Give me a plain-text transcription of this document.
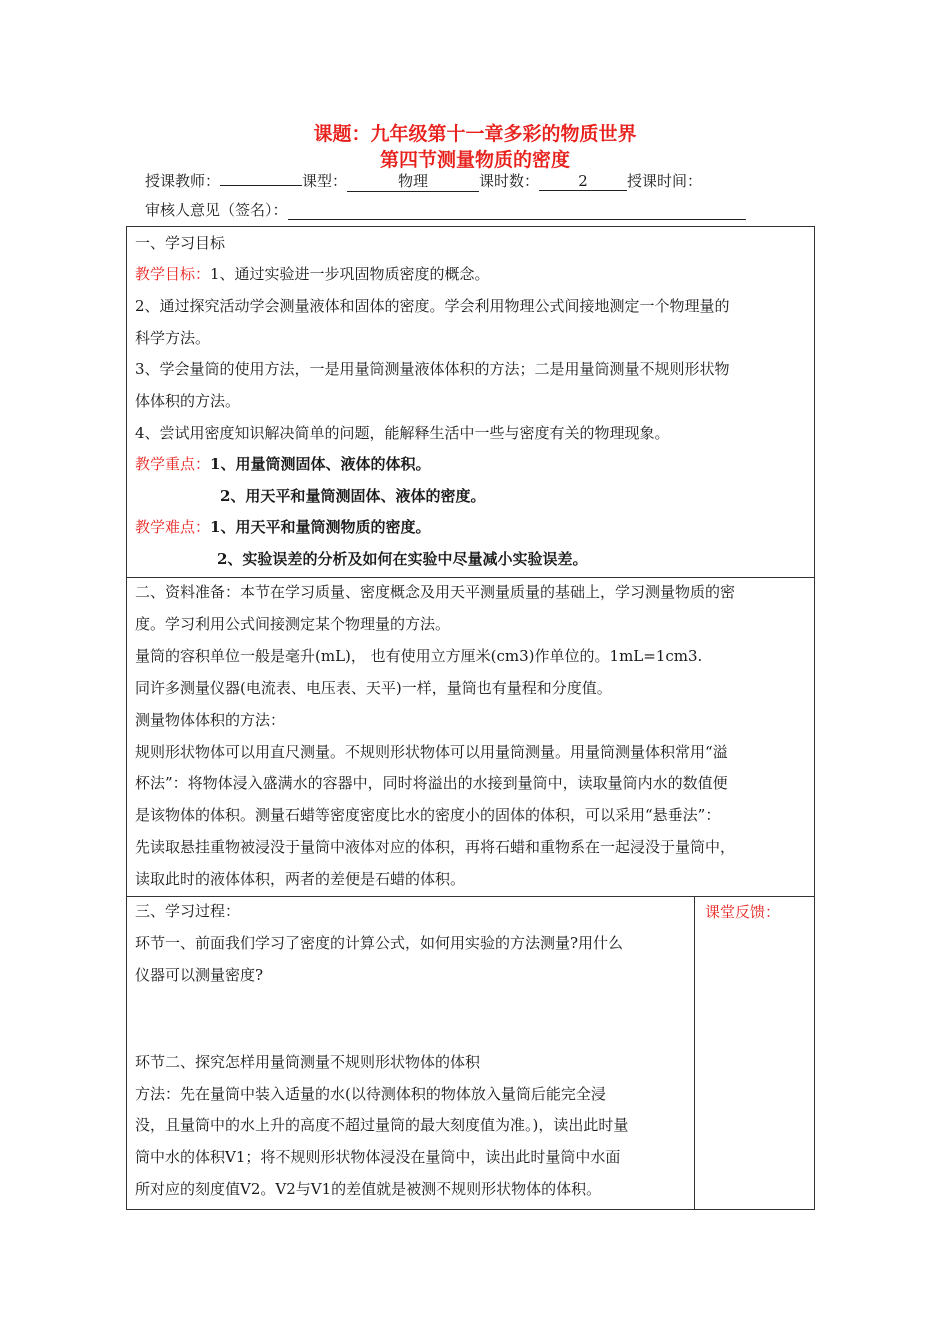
课题：九年级第十一章多彩的物质世界
第四节测量物质的密度
授课教师：	课型：	物理	课时数：	2	授课时间：
审核人意见（签名）：
一、学习目标
教学目标：1、通过实验进一步巩固物质密度的概念。
2、通过探究活动学会测量液体和固体的密度。学会利用物理公式间接地测定一个物理量的
科学方法。
3、学会量筒的使用方法，一是用量筒测量液体体积的方法；二是用量筒测量不规则形状物
体体积的方法。
4、尝试用密度知识解决简单的问题，能解释生活中一些与密度有关的物理现象。
教学重点：1、用量筒测固体、液体的体积。
2、用天平和量筒测固体、液体的密度。
教学难点：1、用天平和量筒测物质的密度。
2、实验误差的分析及如何在实验中尽量减小实验误差。
二、资料准备：本节在学习质量、密度概念及用天平测量质量的基础上，学习测量物质的密
度。学习利用公式间接测定某个物理量的方法。
量筒的容积单位一般是毫升(mL)， 也有使用立方厘米(cm3)作单位的。1mL=1cm3.
同许多测量仪器(电流表、电压表、天平)一样，量筒也有量程和分度值。
测量物体体积的方法：
规则形状物体可以用直尺测量。不规则形状物体可以用量筒测量。用量筒测量体积常用“溢
杯法”：将物体浸入盛满水的容器中，同时将溢出的水接到量筒中，读取量筒内水的数值便
是该物体的体积。测量石蜡等密度密度比水的密度小的固体的体积，可以采用“悬垂法”：
先读取悬挂重物被浸没于量筒中液体对应的体积，再将石蜡和重物系在一起浸没于量筒中，
读取此时的液体体积，两者的差便是石蜡的体积。
三、学习过程：	课堂反馈：
环节一、前面我们学习了密度的计算公式，如何用实验的方法测量?用什么
仪器可以测量密度?
环节二、探究怎样用量筒测量不规则形状物体的体积
方法：先在量筒中装入适量的水(以待测体积的物体放入量筒后能完全浸
没，且量筒中的水上升的高度不超过量筒的最大刻度值为准。)，读出此时量
筒中水的体积V1；将不规则形状物体浸没在量筒中，读出此时量筒中水面
所对应的刻度值V2。V2与V1的差值就是被测不规则形状物体的体积。
